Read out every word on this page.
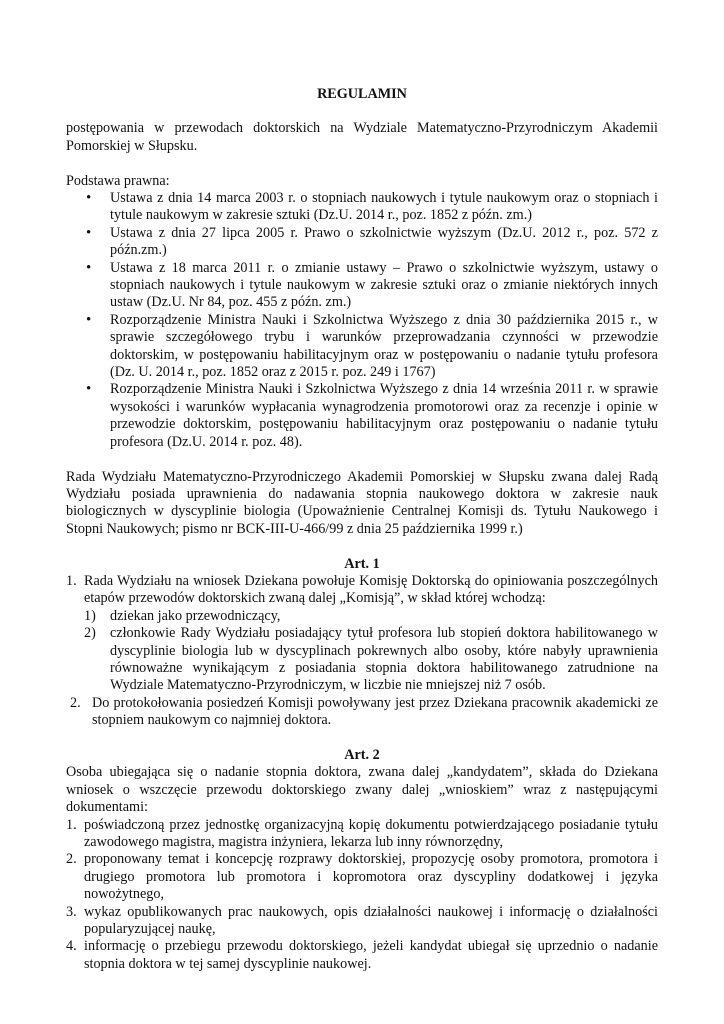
REGULAMIN

postępowania w przewodach doktorskich na Wydziale Matematyczno-Przyrodniczym Akademii Pomorskiej w Słupsku.

Podstawa prawna:

• Ustawa z dnia 14 marca 2003 r. o stopniach naukowych i tytule naukowym oraz o stopniach i tytule naukowym w zakresie sztuki (Dz.U. 2014 r., poz. 1852 z późn. zm.)
• Ustawa z dnia 27 lipca 2005 r. Prawo o szkolnictwie wyższym (Dz.U. 2012 r., poz. 572 z późn.zm.)
• Ustawa z 18 marca 2011 r. o zmianie ustawy – Prawo o szkolnictwie wyższym, ustawy o stopniach naukowych i tytule naukowym w zakresie sztuki oraz o zmianie niektórych innych ustaw (Dz.U. Nr 84, poz. 455 z późn. zm.)
• Rozporządzenie Ministra Nauki i Szkolnictwa Wyższego z dnia 30 października 2015 r., w sprawie szczegółowego trybu i warunków przeprowadzania czynności w przewodzie doktorskim, w postępowaniu habilitacyjnym oraz w postępowaniu o nadanie tytułu profesora (Dz. U. 2014 r., poz. 1852 oraz z 2015 r. poz. 249 i 1767)
• Rozporządzenie Ministra Nauki i Szkolnictwa Wyższego z dnia 14 września 2011 r. w sprawie wysokości i warunków wypłacania wynagrodzenia promotorowi oraz za recenzje i opinie w przewodzie doktorskim, postępowaniu habilitacyjnym oraz postępowaniu o nadanie tytułu profesora (Dz.U. 2014 r. poz. 48).

Rada Wydziału Matematyczno-Przyrodniczego Akademii Pomorskiej w Słupsku zwana dalej Radą Wydziału posiada uprawnienia do nadawania stopnia naukowego doktora w zakresie nauk biologicznych w dyscyplinie biologia (Upoważnienie Centralnej Komisji ds. Tytułu Naukowego i Stopni Naukowych; pismo nr BCK-III-U-466/99 z dnia 25 października 1999 r.)

Art. 1
1. Rada Wydziału na wniosek Dziekana powołuje Komisję Doktorską do opiniowania poszczególnych etapów przewodów doktorskich zwaną dalej „Komisją”, w skład której wchodzą:
1) dziekan jako przewodniczący,
2) członkowie Rady Wydziału posiadający tytuł profesora lub stopień doktora habilitowanego w dyscyplinie biologia lub w dyscyplinach pokrewnych albo osoby, które nabyły uprawnienia równoważne wynikającym z posiadania stopnia doktora habilitowanego zatrudnione na Wydziale Matematyczno-Przyrodniczym, w liczbie nie mniejszej niż 7 osób.
2. Do protokołowania posiedzeń Komisji powoływany jest przez Dziekana pracownik akademicki ze stopniem naukowym co najmniej doktora.
Art. 2

Osoba ubiegająca się o nadanie stopnia doktora, zwana dalej „kandydatem”, składa do Dziekana wniosek o wszczęcie przewodu doktorskiego zwany dalej „wnioskiem” wraz z następującymi dokumentami:

1. poświadczoną przez jednostkę organizacyjną kopię dokumentu potwierdzającego posiadanie tytułu zawodowego magistra, magistra inżyniera, lekarza lub inny równorzędny,
2. proponowany temat i koncepcję rozprawy doktorskiej, propozycję osoby promotora, promotora i drugiego promotora lub promotora i kopromotora oraz dyscypliny dodatkowej i języka nowożytnego,
3. wykaz opublikowanych prac naukowych, opis działalności naukowej i informację o działalności popularyzującej naukę,
4. informację o przebiegu przewodu doktorskiego, jeżeli kandydat ubiegał się uprzednio o nadanie stopnia doktora w tej samej dyscyplinie naukowej.
